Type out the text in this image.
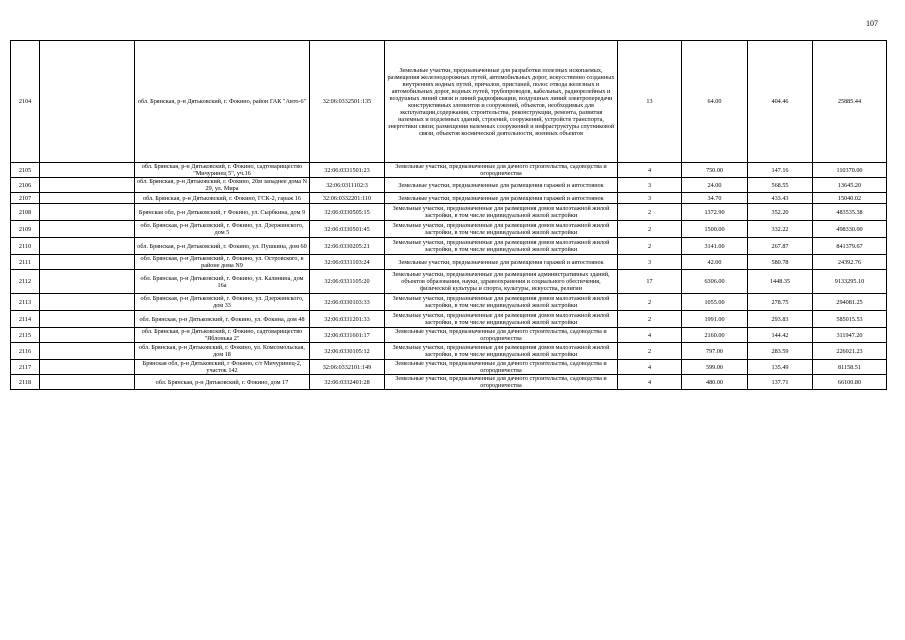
107
2104		обл. Брянская, р-н Дятьковский, г. Фокино, район ГАК "Авто-6"	32:06:0332501:135	Земельные участки, предназначенные для разработки полезных ископаемых, размещения железнодорожных путей, автомобильных дорог, искусственно созданных внутренних водных путей, причалов, пристаней, полос отвода железных и автомобильных дорог, водных путей, трубопроводов, кабельных, радиорелейных и воздушных линий связи и линий радиофикации, воздушных линий электропередачи конструктивных элементов и сооружений, объектов, необходимых для эксплуатации,содержания, строительства, реконструкции, ремонта, развития наземных и подземных зданий, строений, сооружений, устройств транспорта, энергетики связи; размещения наземных сооружений и инфраструктуры спутниковой связи, объектов космической деятельности, военных объектов	13	64.00	404.46	25885.44
2105		обл. Брянская, р-н Дятьковский, г. Фокино, садтоварищество "Мичуринец 5", уч.16	32:06:0331501:23	Земельные участки, предназначенные для дачного строительства, садоводства и огородничества	4	750.00	147.16	110370.00
2106		обл. Брянская, р-н Дятьковский, г. Фокино, 20м западнее дома N 29, ул. Мира	32:06:0311102:3	Земельные участки, предназначенные для размещения гаражей и автостоянок	3	24.00	568.55	13645.20
2107		обл. Брянская, р-н Дятьковский, г. Фокино, ГСК-2, гараж 16	32:06:0332201:110	Земельные участки, предназначенные для размещения гаражей и автостоянок	3	34.70	433.43	15040.02
2108		Брянская обл, р-н Дятьковский, г Фокино, ул. Сырбкина, дом 9	32:06:0330505:15	Земельные участки, предназначенные для размещения домов малоэтажной жилой застройки, в том числе индивидуальной жилой застройки	2	1372.90	352.20	483535.38
2109		обл. Брянская, р-н Дятьковский, г. Фокино, ул. Дзержинского, дом 5	32:06:0330501:45	Земельные участки, предназначенные для размещения домов малоэтажной жилой застройки, в том числе индивидуальной жилой застройки	2	1500.00	332.22	498330.00
2110		обл. Брянская, р-н Дятьковский, г. Фокино, ул. Пушкина, дом 60	32:06:0330205:21	Земельные участки, предназначенные для размещения домов малоэтажной жилой застройки, в том числе индивидуальной жилой застройки	2	3141.00	267.87	841379.67
2111		обл. Брянская, р-н Дятьковский, г. Фокино, ул. Островского, в районе дома N9	32:06:0331103:24	Земельные участки, предназначенные для размещения гаражей и автостоянок	3	42.00	580.78	24392.76
2112		обл. Брянская, р-н Дятьковский, г. Фокино, ул. Калинина, дом 16а	32:06:0331105:20	Земельные участки, предназначенные для размещения административных зданий, объектов образования, науки, здравоохранения и социального обеспечения, физической культуры и спорта, культуры, искусства, религии	17	6306.00	1448.35	9133295.10
2113		обл. Брянская, р-н Дятьковский, г. Фокино, ул. Дзержинского, дом 33	32:06:0330103:33	Земельные участки, предназначенные для размещения домов малоэтажной жилой застройки, в том числе индивидуальной жилой застройки	2	1055.00	278.75	294081.25
2114		обл. Брянская, р-н Дятьковский, г. Фокино, ул. Фокина, дом 48	32:06:0331201:33	Земельные участки, предназначенные для размещения домов малоэтажной жилой застройки, в том числе индивидуальной жилой застройки	2	1991.00	293.83	585015.53
2115		обл. Брянская, р-н Дятьковский, г. Фокино, садтоварищество "Яблонька 2"	32:06:0331601:17	Земельные участки, предназначенные для дачного строительства, садоводства и огородничества	4	2160.00	144.42	311947.20
2116		обл. Брянская, р-н Дятьковский, г. Фокино, ул. Комсомольская, дом 18	32:06:0330105:12	Земельные участки, предназначенные для размещения домов малоэтажной жилой застройки, в том числе индивидуальной жилой застройки	2	797.00	283.59	226021.23
2117		Брянская обл, р-н Дятьковский, г Фокино, с/т Мичуринец-2, участок 142	32:06:0332101:149	Земельные участки, предназначенные для дачного строительства, садоводства и огородничества	4	599.00	135.49	81158.51
2118		обл. Брянская, р-н Дятьковский, г. Фокино, дом 17	32:06:0332401:28	Земельные участки, предназначенные для дачного строительства, садоводства и огородничества	4	480.00	137.71	66100.80
